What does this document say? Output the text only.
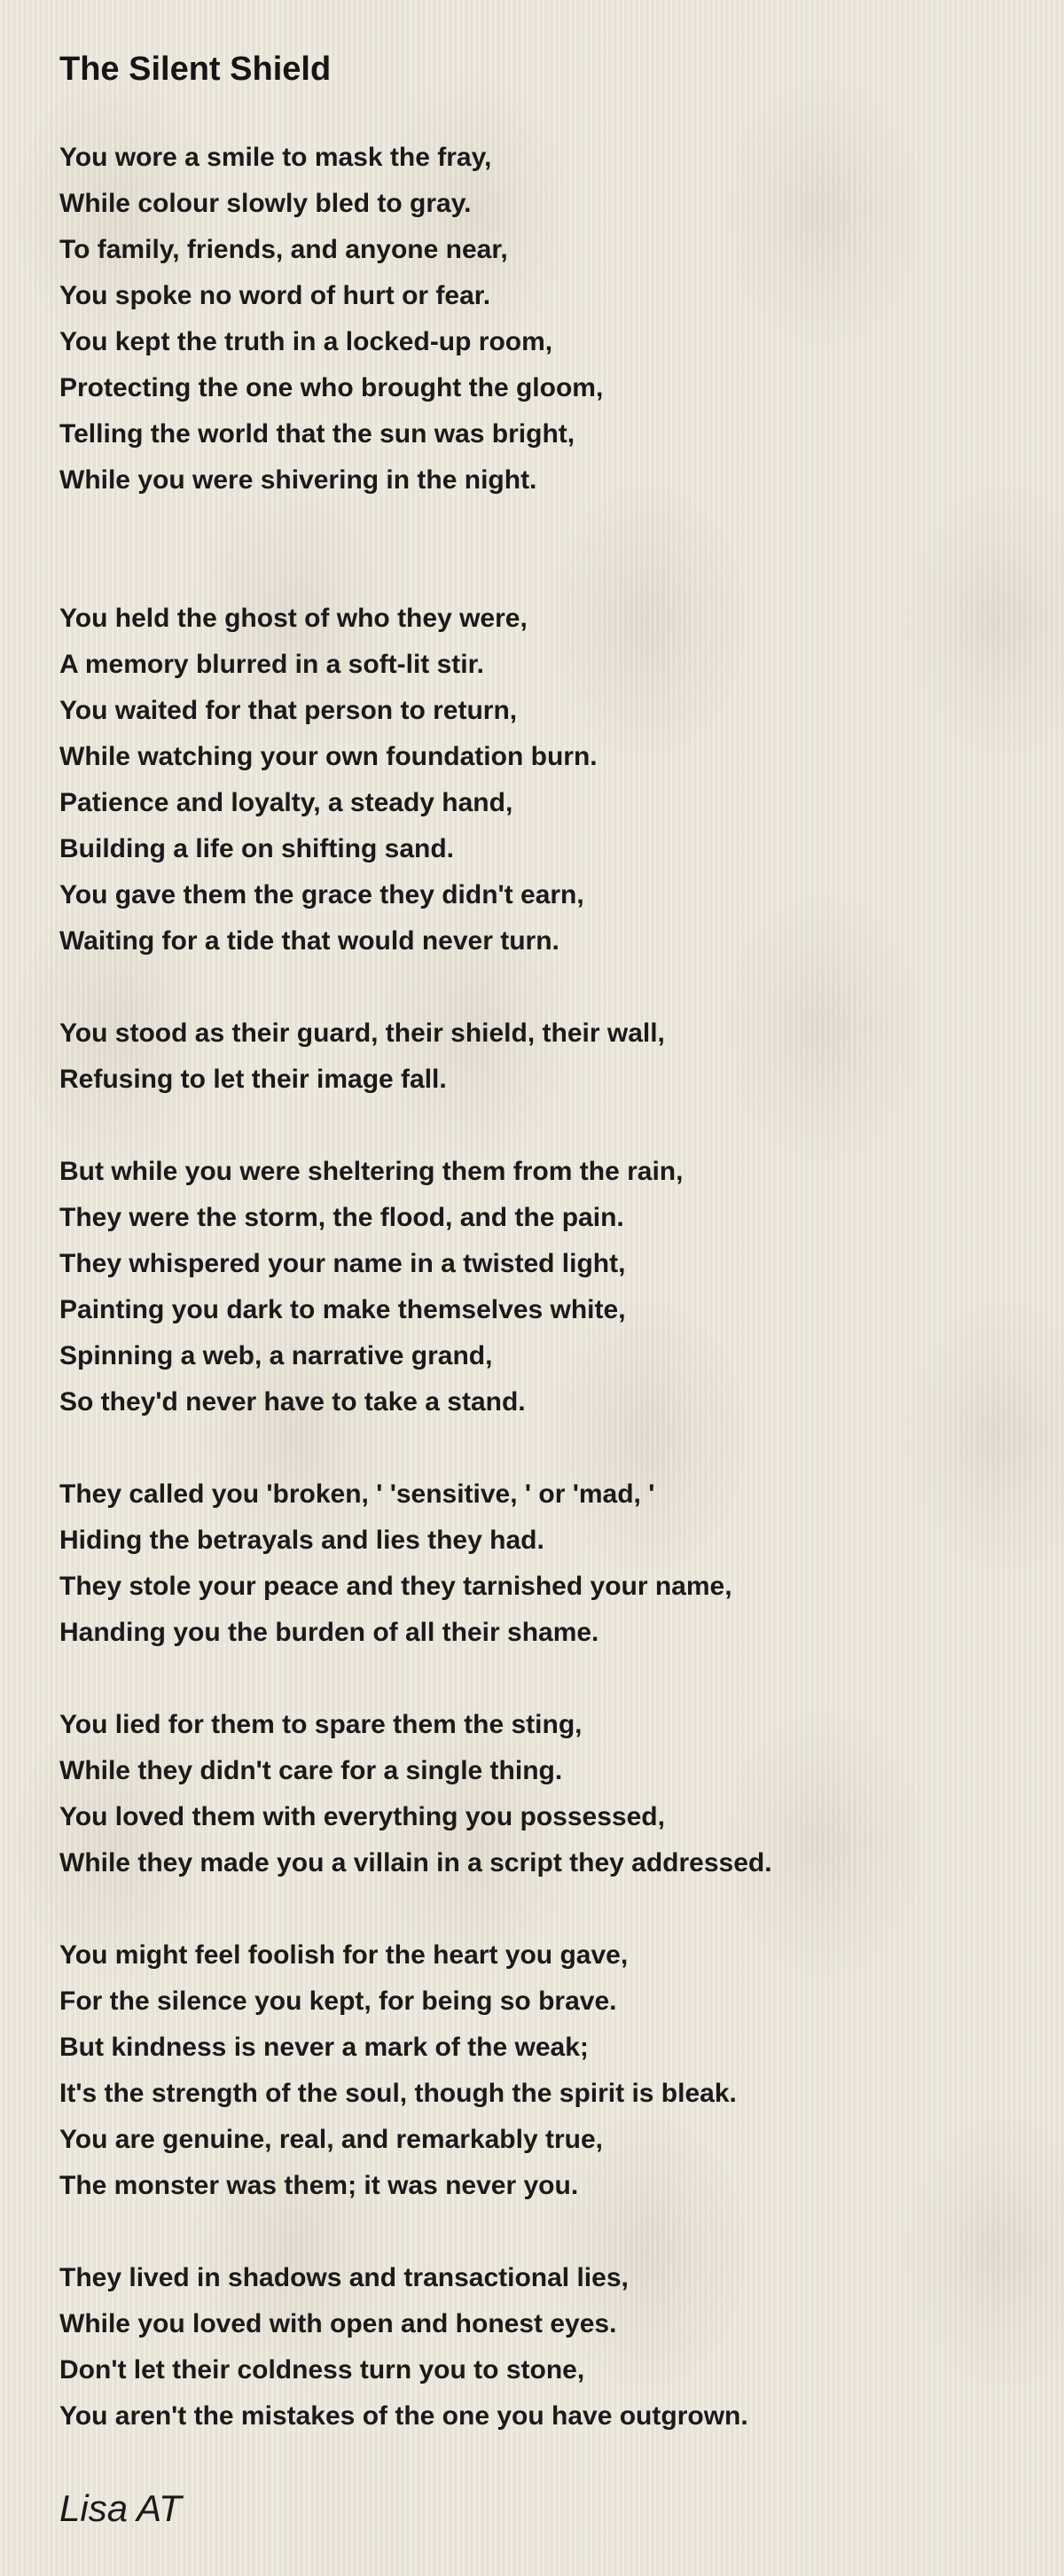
The Silent Shield

You wore a smile to mask the fray,
While colour slowly bled to gray.
To family, friends, and anyone near,
You spoke no word of hurt or fear.
You kept the truth in a locked-up room,
Protecting the one who brought the gloom,
Telling the world that the sun was bright,
While you were shivering in the night.

You held the ghost of who they were,
A memory blurred in a soft-lit stir.
You waited for that person to return,
While watching your own foundation burn.
Patience and loyalty, a steady hand,
Building a life on shifting sand.
You gave them the grace they didn't earn,
Waiting for a tide that would never turn.

You stood as their guard, their shield, their wall,
Refusing to let their image fall.

But while you were sheltering them from the rain,
They were the storm, the flood, and the pain.
They whispered your name in a twisted light,
Painting you dark to make themselves white,
Spinning a web, a narrative grand,
So they'd never have to take a stand.

They called you 'broken, ' 'sensitive, ' or 'mad, '
Hiding the betrayals and lies they had.
They stole your peace and they tarnished your name,
Handing you the burden of all their shame.

You lied for them to spare them the sting,
While they didn't care for a single thing.
You loved them with everything you possessed,
While they made you a villain in a script they addressed.

You might feel foolish for the heart you gave,
For the silence you kept, for being so brave.
But kindness is never a mark of the weak;
It's the strength of the soul, though the spirit is bleak.
You are genuine, real, and remarkably true,
The monster was them; it was never you.

They lived in shadows and transactional lies,
While you loved with open and honest eyes.
Don't let their coldness turn you to stone,
You aren't the mistakes of the one you have outgrown.

Lisa AT
